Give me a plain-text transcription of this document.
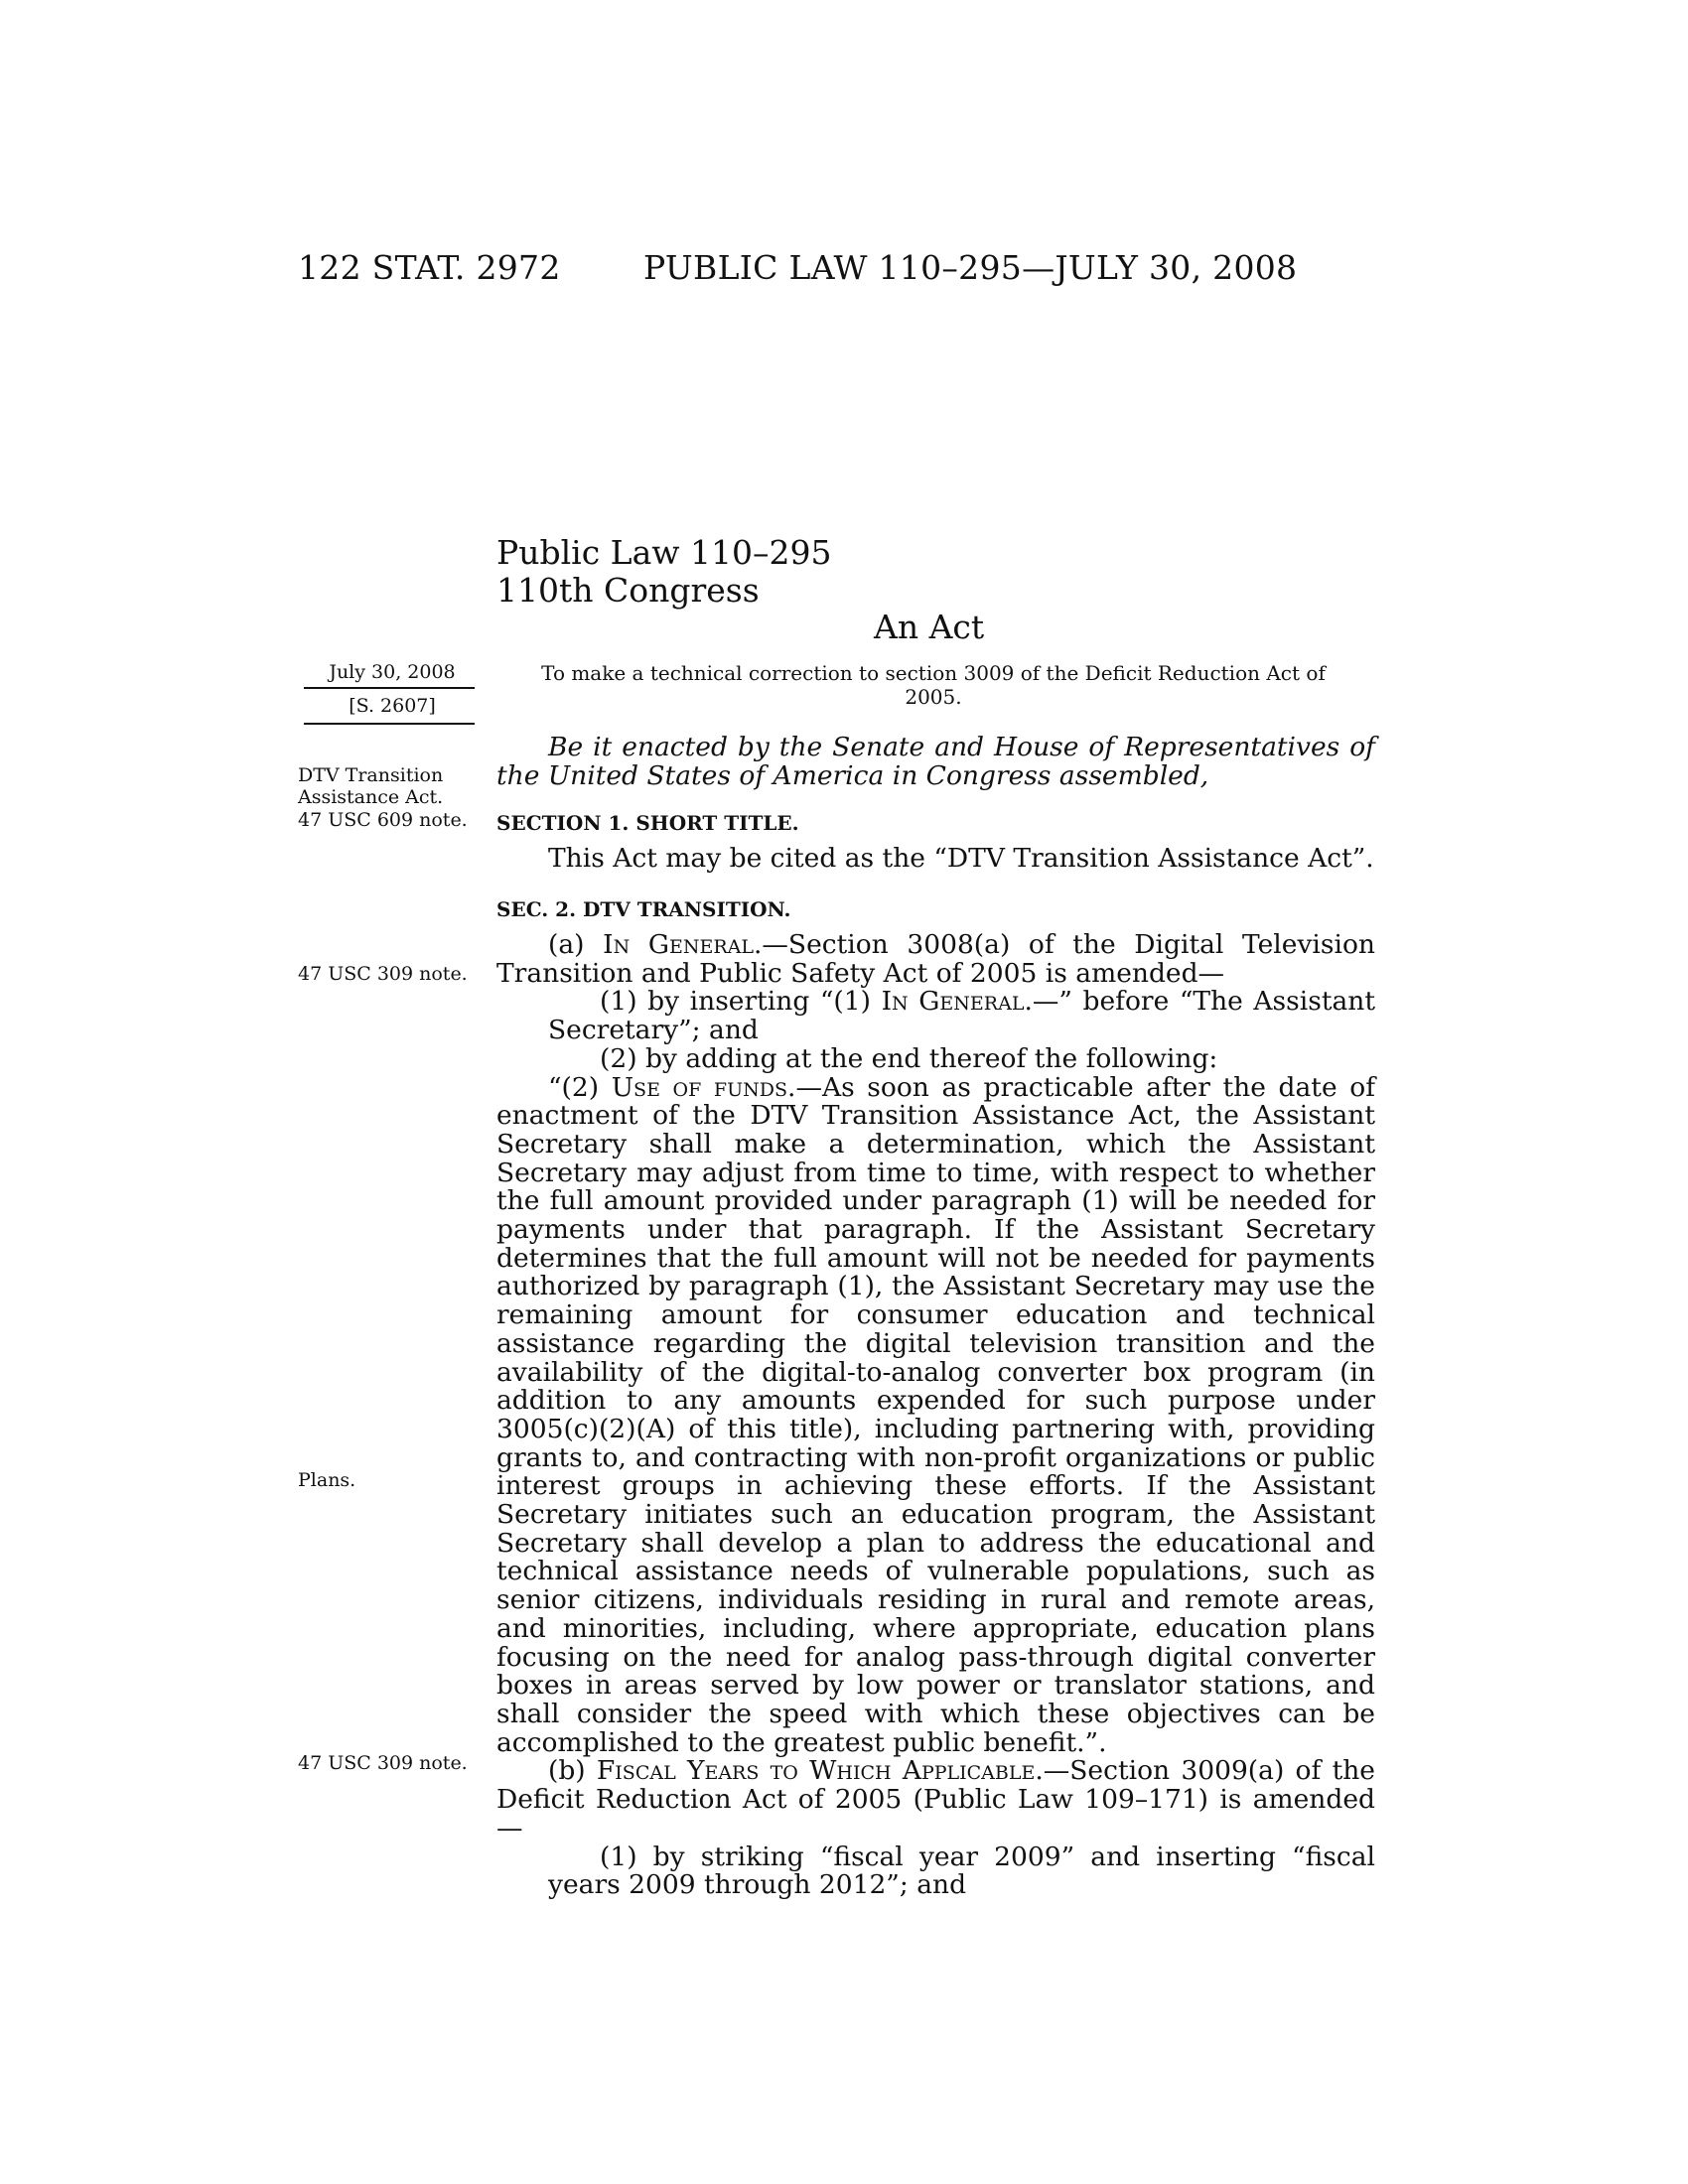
122 STAT. 2972	PUBLIC LAW 110–295—JULY 30, 2008
Public Law 110–295
110th Congress
An Act
July 30, 2008
[S. 2607]
To make a technical correction to section 3009 of the Deficit Reduction Act of 2005.
DTV Transition Assistance Act.
47 USC 609 note.
47 USC 309 note.
Plans.
47 USC 309 note.

Be it enacted by the Senate and House of Representatives of the United States of America in Congress assembled,

SECTION 1. SHORT TITLE.

This Act may be cited as the “DTV Transition Assistance Act”.

SEC. 2. DTV TRANSITION.

(a) In General.—Section 3008(a) of the Digital Television Transition and Public Safety Act of 2005 is amended—

(1) by inserting “(1) In General.—” before “The Assistant Secretary”; and

(2) by adding at the end thereof the following:

“(2) Use of funds.—As soon as practicable after the date of enactment of the DTV Transition Assistance Act, the Assistant Secretary shall make a determination, which the Assistant Secretary may adjust from time to time, with respect to whether the full amount provided under paragraph (1) will be needed for payments under that paragraph. If the Assistant Secretary determines that the full amount will not be needed for payments authorized by paragraph (1), the Assistant Secretary may use the remaining amount for consumer education and technical assistance regarding the digital television transition and the availability of the digital-to-analog converter box program (in addition to any amounts expended for such purpose under 3005(c)(2)(A) of this title), including partnering with, providing grants to, and contracting with non-profit organizations or public interest groups in achieving these efforts. If the Assistant Secretary initiates such an education program, the Assistant Secretary shall develop a plan to address the educational and technical assistance needs of vulnerable populations, such as senior citizens, individuals residing in rural and remote areas, and minorities, including, where appropriate, education plans focusing on the need for analog pass-through digital converter boxes in areas served by low power or translator stations, and shall consider the speed with which these objectives can be accomplished to the greatest public benefit.”.

(b) Fiscal Years to Which Applicable.—Section 3009(a) of the Deficit Reduction Act of 2005 (Public Law 109–171) is amended—

(1) by striking “fiscal year 2009” and inserting “fiscal years 2009 through 2012”; and
